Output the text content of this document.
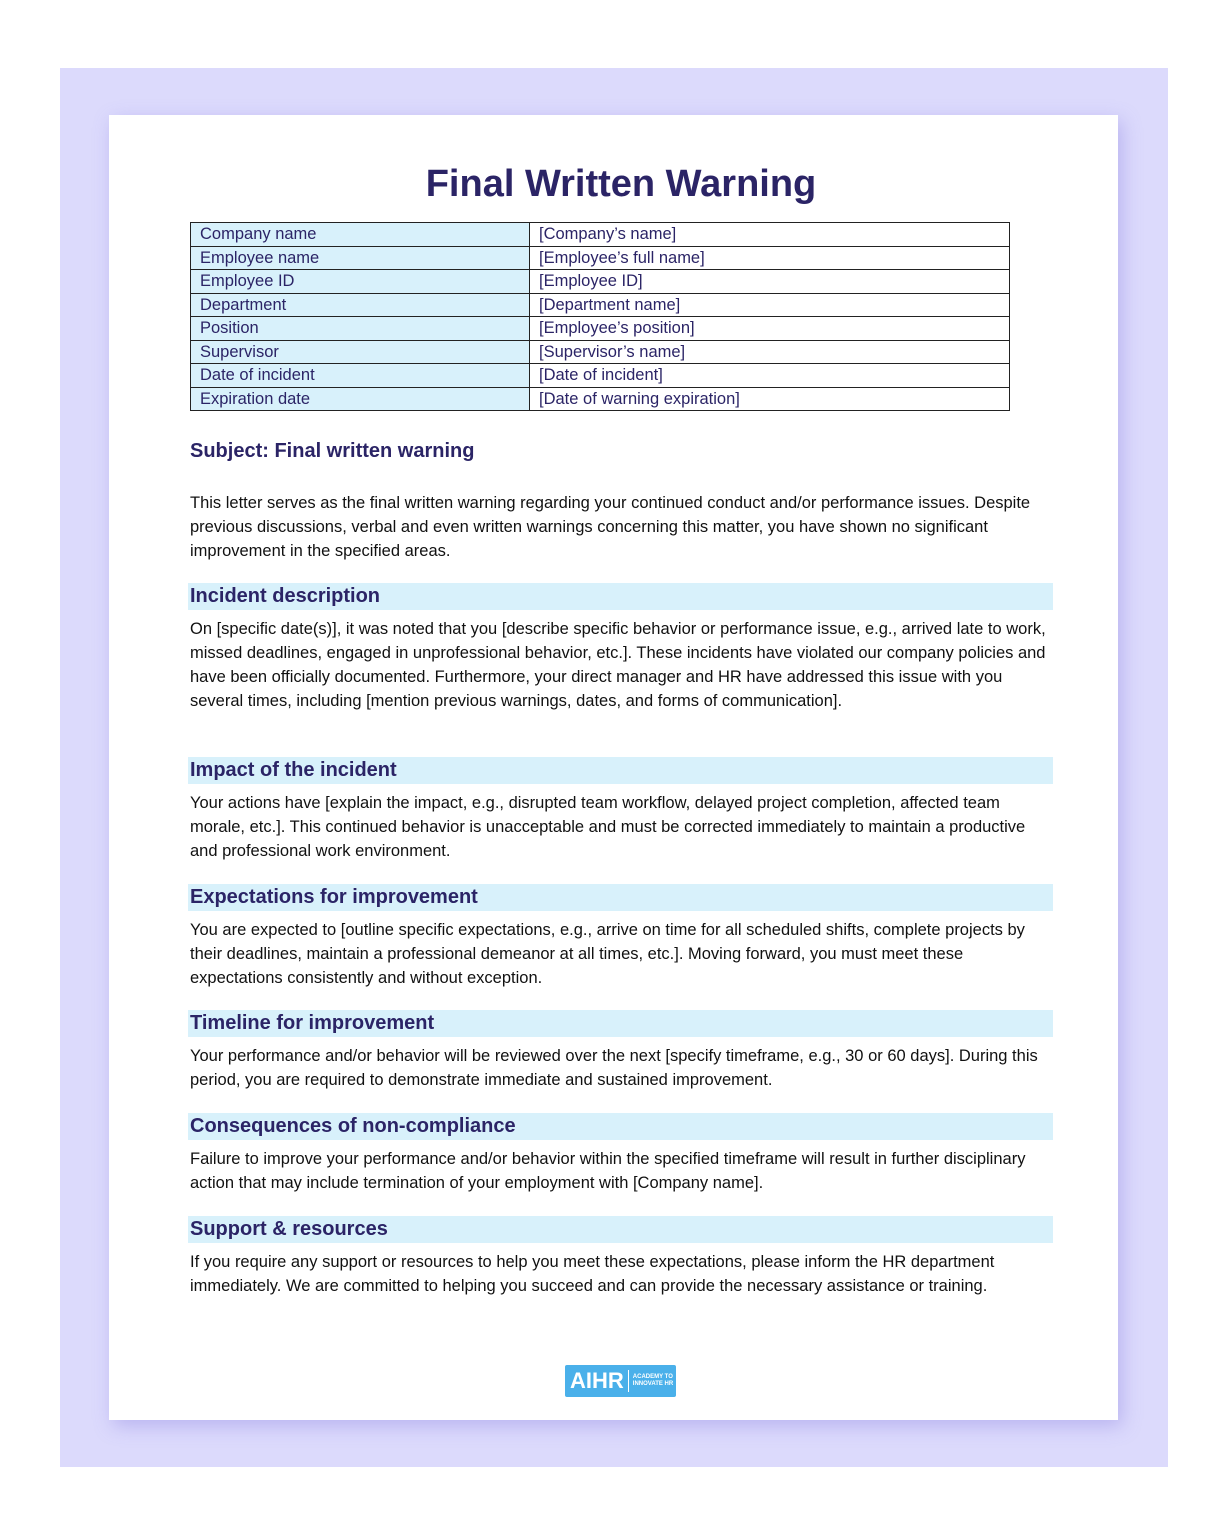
Final Written Warning
Company name	[Company’s name]
Employee name	[Employee’s full name]
Employee ID	[Employee ID]
Department	[Department name]
Position	[Employee’s position]
Supervisor	[Supervisor’s name]
Date of incident	[Date of incident]
Expiration date	[Date of warning expiration]
Subject: Final written warning

This letter serves as the final written warning regarding your continued conduct and/or performance issues. Despite previous discussions, verbal and even written warnings concerning this matter, you have shown no significant improvement in the specified areas.

Incident description

On [specific date(s)], it was noted that you [describe specific behavior or performance issue, e.g., arrived late to work, missed deadlines, engaged in unprofessional behavior, etc.]. These incidents have violated our company policies and have been officially documented. Furthermore, your direct manager and HR have addressed this issue with you several times, including [mention previous warnings, dates, and forms of communication].

Impact of the incident

Your actions have [explain the impact, e.g., disrupted team workflow, delayed project completion, affected team morale, etc.]. This continued behavior is unacceptable and must be corrected immediately to maintain a productive and professional work environment.

Expectations for improvement

You are expected to [outline specific expectations, e.g., arrive on time for all scheduled shifts, complete projects by their deadlines, maintain a professional demeanor at all times, etc.]. Moving forward, you must meet these expectations consistently and without exception.

Timeline for improvement

Your performance and/or behavior will be reviewed over the next [specify timeframe, e.g., 30 or 60 days]. During this period, you are required to demonstrate immediate and sustained improvement.

Consequences of non-compliance

Failure to improve your performance and/or behavior within the specified timeframe will result in further disciplinary action that may include termination of your employment with [Company name].

Support & resources

If you require any support or resources to help you meet these expectations, please inform the HR department immediately. We are committed to helping you succeed and can provide the necessary assistance or training.

AIHR	ACADEMY TO
INNOVATE HR
